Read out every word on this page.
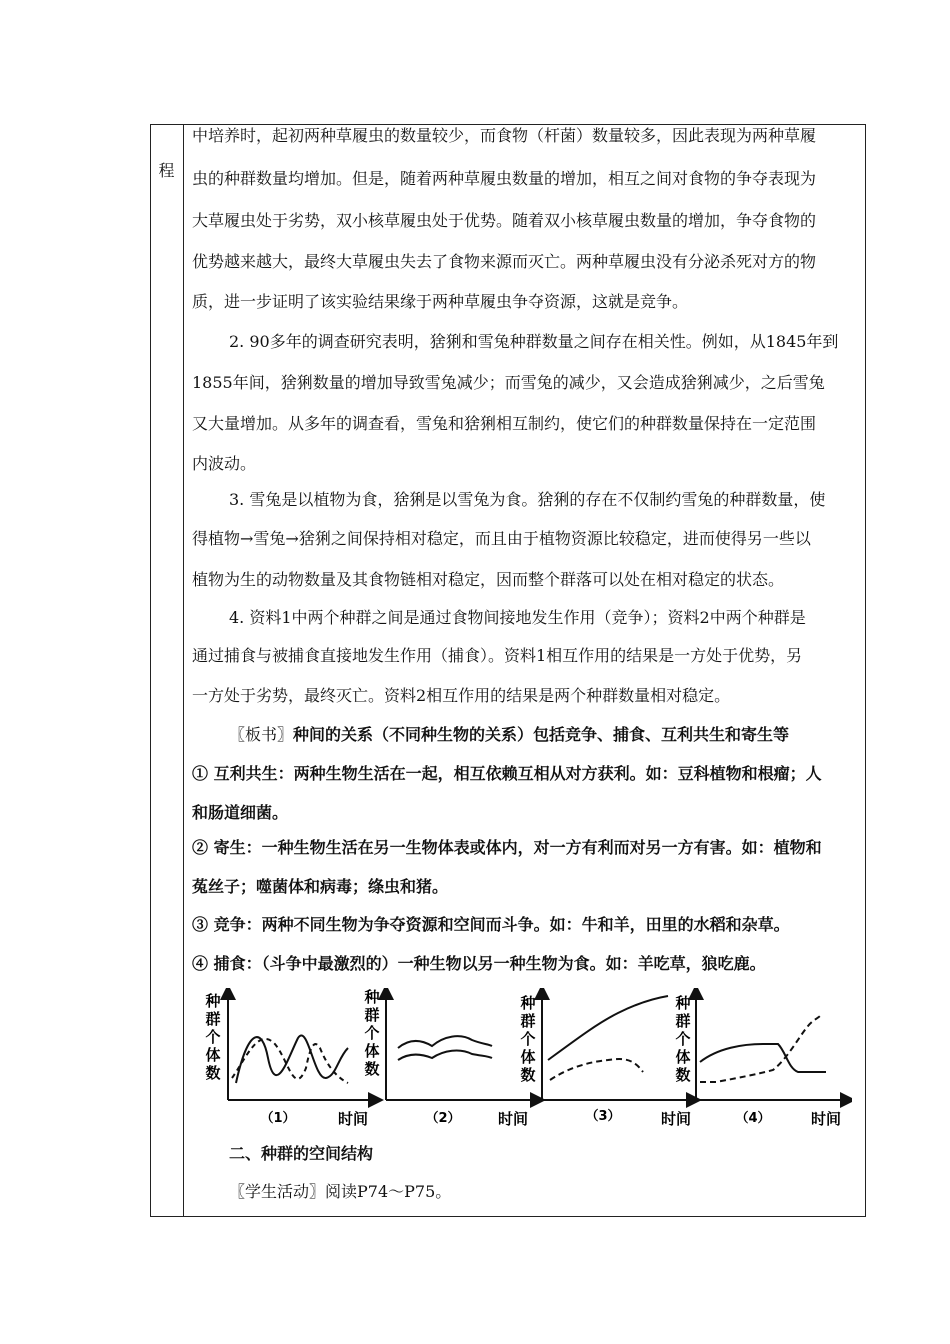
程
中培养时，起初两种草履虫的数量较少，而食物（杆菌）数量较多，因此表现为两种草履
虫的种群数量均增加。但是，随着两种草履虫数量的增加，相互之间对食物的争夺表现为
大草履虫处于劣势，双小核草履虫处于优势。随着双小核草履虫数量的增加，争夺食物的
优势越来越大，最终大草履虫失去了食物来源而灭亡。两种草履虫没有分泌杀死对方的物
质，进一步证明了该实验结果缘于两种草履虫争夺资源，这就是竞争。
2. 90多年的调查研究表明，猞猁和雪兔种群数量之间存在相关性。例如，从1845年到
1855年间，猞猁数量的增加导致雪兔减少；而雪兔的减少，又会造成猞猁减少，之后雪兔
又大量增加。从多年的调查看，雪兔和猞猁相互制约，使它们的种群数量保持在一定范围
内波动。
3. 雪兔是以植物为食，猞猁是以雪兔为食。猞猁的存在不仅制约雪兔的种群数量，使
得植物→雪兔→猞猁之间保持相对稳定，而且由于植物资源比较稳定，进而使得另一些以
植物为生的动物数量及其食物链相对稳定，因而整个群落可以处在相对稳定的状态。
4. 资料1中两个种群之间是通过食物间接地发生作用（竞争）；资料2中两个种群是
通过捕食与被捕食直接地发生作用（捕食）。资料1相互作用的结果是一方处于优势，另
一方处于劣势，最终灭亡。资料2相互作用的结果是两个种群数量相对稳定。
〖板书〗种间的关系（不同种生物的关系）包括竞争、捕食、互利共生和寄生等
① 互利共生：两种生物生活在一起，相互依赖互相从对方获利。如：豆科植物和根瘤；人
和肠道细菌。
② 寄生：一种生物生活在另一生物体表或体内，对一方有利而对另一方有害。如：植物和
菟丝子；噬菌体和病毒；绦虫和猪。
③ 竞争：两种不同生物为争夺资源和空间而斗争。如：牛和羊，田里的水稻和杂草。
④ 捕食：（斗争中最激烈的）一种生物以另一种生物为食。如：羊吃草，狼吃鹿。
二、种群的空间结构
〖学生活动〗阅读P74～P75。
种
群
个
体
数
（1）	时间
种
群
个
体
数
（2） 时间
种
群
个
体
数
（3）	时间
种
群
个
体
数
（4）	时间
